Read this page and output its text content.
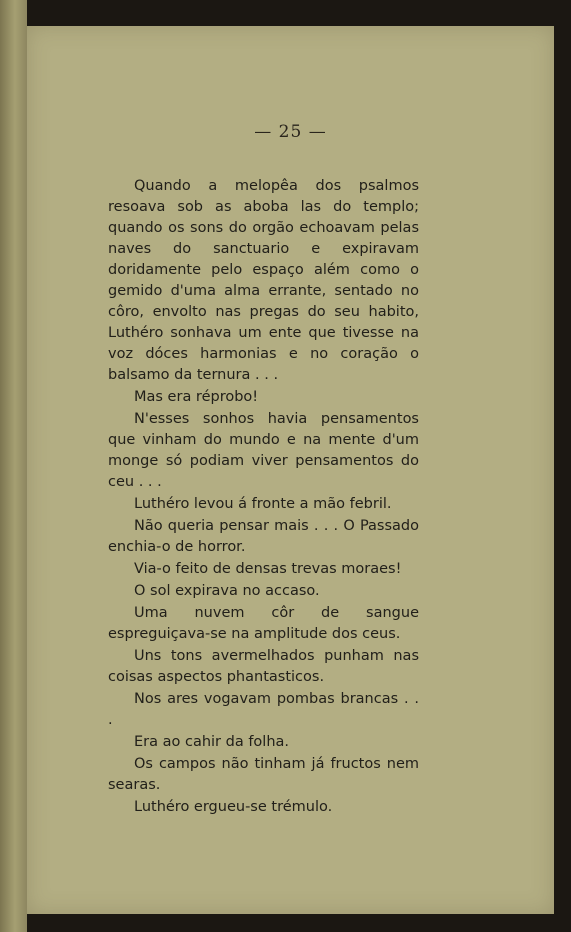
— 25 —

Quando a melopêa dos psalmos resoava sob as aboba las do templo; quando os sons do orgão echoavam pelas naves do sanctuario e expiravam doridamente pelo espaço além como o gemido d'uma alma errante, sentado no côro, envolto nas pregas do seu habito, Luthéro sonhava um ente que tivesse na voz dóces harmonias e no coração o balsamo da ternura . . .

Mas era réprobo!

N'esses sonhos havia pensamentos que vinham do mundo e na mente d'um monge só podiam viver pensamentos do ceu . . .

Luthéro levou á fronte a mão febril.

Não queria pensar mais . . . O Passado enchia-o de horror.

Via-o feito de densas trevas moraes!

O sol expirava no accaso.

Uma nuvem côr de sangue espreguiçava-se na amplitude dos ceus.

Uns tons avermelhados punham nas coisas aspectos phantasticos.

Nos ares vogavam pombas brancas . . .

Era ao cahir da folha.

Os campos não tinham já fructos nem searas.

Luthéro ergueu-se trémulo.
